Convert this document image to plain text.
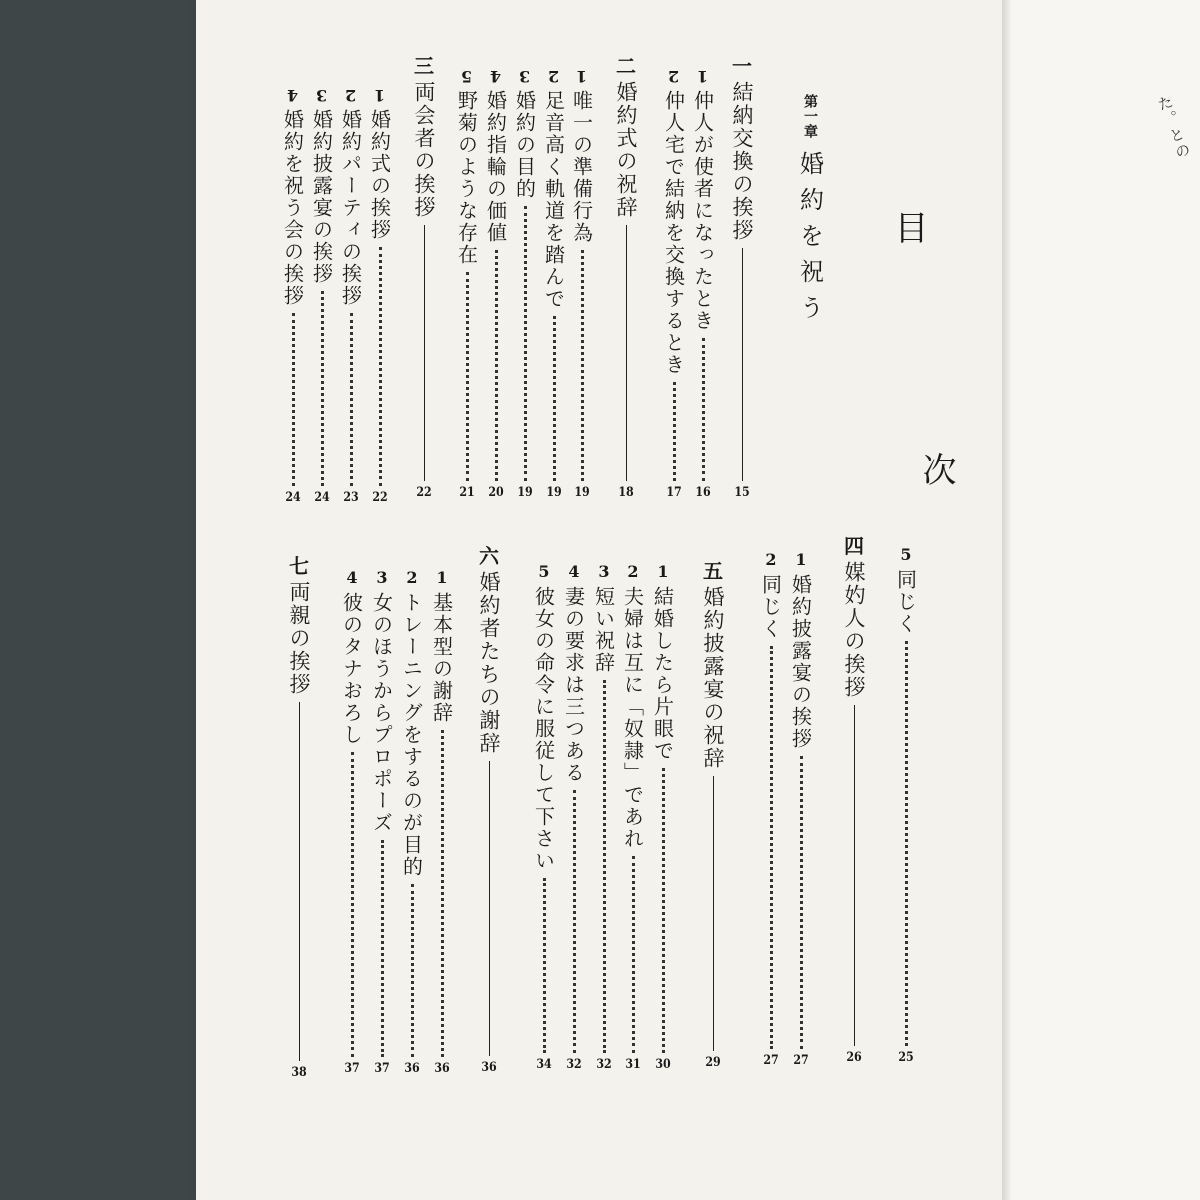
た。との
目
次
第一章
婚約を祝う
一
結納交換の挨拶
15
1
仲人が使者になったとき
16
2
仲人宅で結納を交換するとき
17
二
婚約式の祝辞
18
1
唯一の準備行為
19
2
足音高く軌道を踏んで
19
3
婚約の目的
19
4
婚約指輪の価値
20
5
野菊のような存在
21
三
両会者の挨拶
22
1
婚約式の挨拶
22
2
婚約パーティの挨拶
23
3
婚約披露宴の挨拶
24
4
婚約を祝う会の挨拶
24
5
同じく
25
四
媒妁人の挨拶
26
1
婚約披露宴の挨拶
27
2
同じく
27
五
婚約披露宴の祝辞
29
1
結婚したら片眼で
30
2
夫婦は互に「奴隷」であれ
31
3
短い祝辞
32
4
妻の要求は三つある
32
5
彼女の命令に服従して下さい
34
六
婚約者たちの謝辞
36
1
基本型の謝辞
36
2
トレーニングをするのが目的
36
3
女のほうからプロポーズ
37
4
彼のタナおろし
37
七
両親の挨拶
38
